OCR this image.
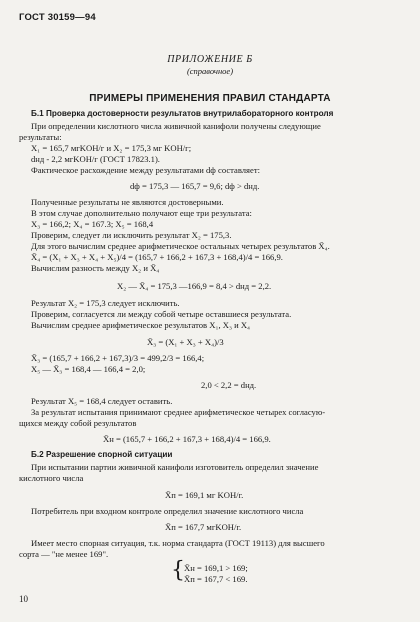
ГОСТ 30159—94
ПРИЛОЖЕНИЕ Б
(справочное)
ПРИМЕРЫ ПРИМЕНЕНИЯ ПРАВИЛ СТАНДАРТА
Б.1 Проверка достоверности результатов внутрилабораторного контроля
При определении кислотного числа живичной канифоли получены следующие
результаты:
X₁ = 165,7 мгKOH/г и X₂ = 175,3 мг KOH/г;
dнд - 2,2 мгKOH/г (ГОСТ 17823.1).
Фактическое расхождение между результатами dф составляет:
dф = 175,3 — 165,7 = 9,6; dф > dнд.
Полученные результаты не являются достоверными.
В этом случае дополнительно получают еще три результата:
X₃ = 166,2; X₄ = 167.3; X₅ = 168,4
Проверим, следует ли исключить результат X₂ = 175,3.
Для этого вычислим среднее арифметическое остальных четырех результатов X̄₄.
X̄₄ = (X₁ + X₃ + X₄ + X₅)/4 = (165,7 + 166,2 + 167,3 + 168,4)/4 = 166,9.
Вычислим разность между X₂ и X̄₄
X₂ — X̄₄ = 175,3 —166,9 = 8,4 > dнд = 2,2.
Результат X₂ = 175,3 следует исключить.
Проверим, согласуется ли между собой четыре оставшиеся результата.
Вычислим среднее арифметическое результатов X₁, X₃ и X₄
X̄₃ = (X₁ + X₃ + X₄)/3
X̄₃ = (165,7 + 166,2 + 167,3)/3 = 499,2/3 = 166,4;
X₅ — X̄₃ = 168,4 — 166,4 = 2,0;
2,0 < 2,2 = dнд.
Результат X₅ = 168,4 следует оставить.
За результат испытания принимают среднее арифметическое четырех согласую-
щихся между собой результатов
X̄н = (165,7 + 166,2 + 167,3 + 168,4)/4 = 166,9.
Б.2 Разрешение спорной ситуации
При испытании партии живичной канифоли изготовитель определил значение
кислотного числа
X̄п = 169,1 мг KOH/г.
Потребитель при входном контроле определил значение кислотного числа
X̄п = 167,7 мгKOH/г.
Имеет место спорная ситуация, т.к. норма стандарта (ГОСТ 19113) для высшего
сорта — "не менее 169".
{ X̄н = 169,1 > 169;
X̄п = 167,7 < 169.
10
